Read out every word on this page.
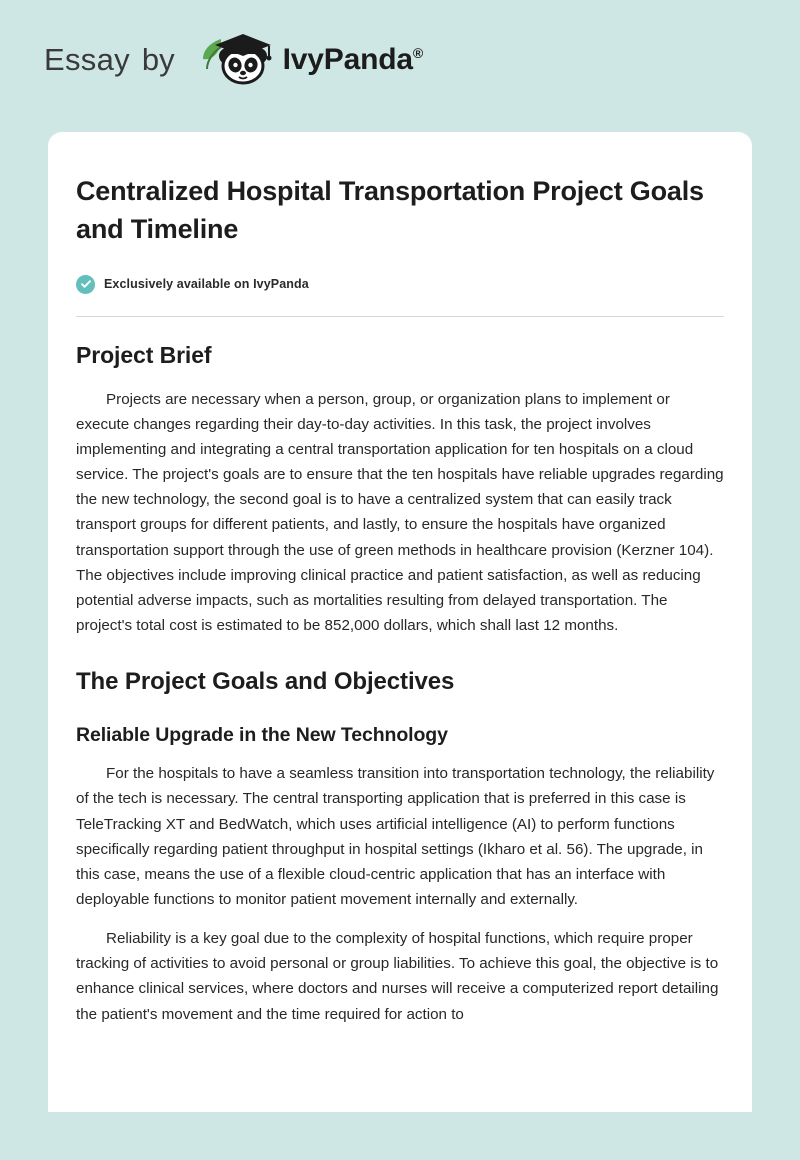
Essay by	IvyPanda®
Centralized Hospital Transportation Project Goals and Timeline
Exclusively available on IvyPanda
Project Brief

Projects are necessary when a person, group, or organization plans to implement or execute changes regarding their day-to-day activities. In this task, the project involves implementing and integrating a central transportation application for ten hospitals on a cloud service. The project's goals are to ensure that the ten hospitals have reliable upgrades regarding the new technology, the second goal is to have a centralized system that can easily track transport groups for different patients, and lastly, to ensure the hospitals have organized transportation support through the use of green methods in healthcare provision (Kerzner 104). The objectives include improving clinical practice and patient satisfaction, as well as reducing potential adverse impacts, such as mortalities resulting from delayed transportation. The project's total cost is estimated to be 852,000 dollars, which shall last 12 months.

The Project Goals and Objectives
Reliable Upgrade in the New Technology

For the hospitals to have a seamless transition into transportation technology, the reliability of the tech is necessary. The central transporting application that is preferred in this case is TeleTracking XT and BedWatch, which uses artificial intelligence (AI) to perform functions specifically regarding patient throughput in hospital settings (Ikharo et al. 56). The upgrade, in this case, means the use of a flexible cloud-centric application that has an interface with deployable functions to monitor patient movement internally and externally.

Reliability is a key goal due to the complexity of hospital functions, which require proper tracking of activities to avoid personal or group liabilities. To achieve this goal, the objective is to enhance clinical services, where doctors and nurses will receive a computerized report detailing the patient's movement and the time required for action to
